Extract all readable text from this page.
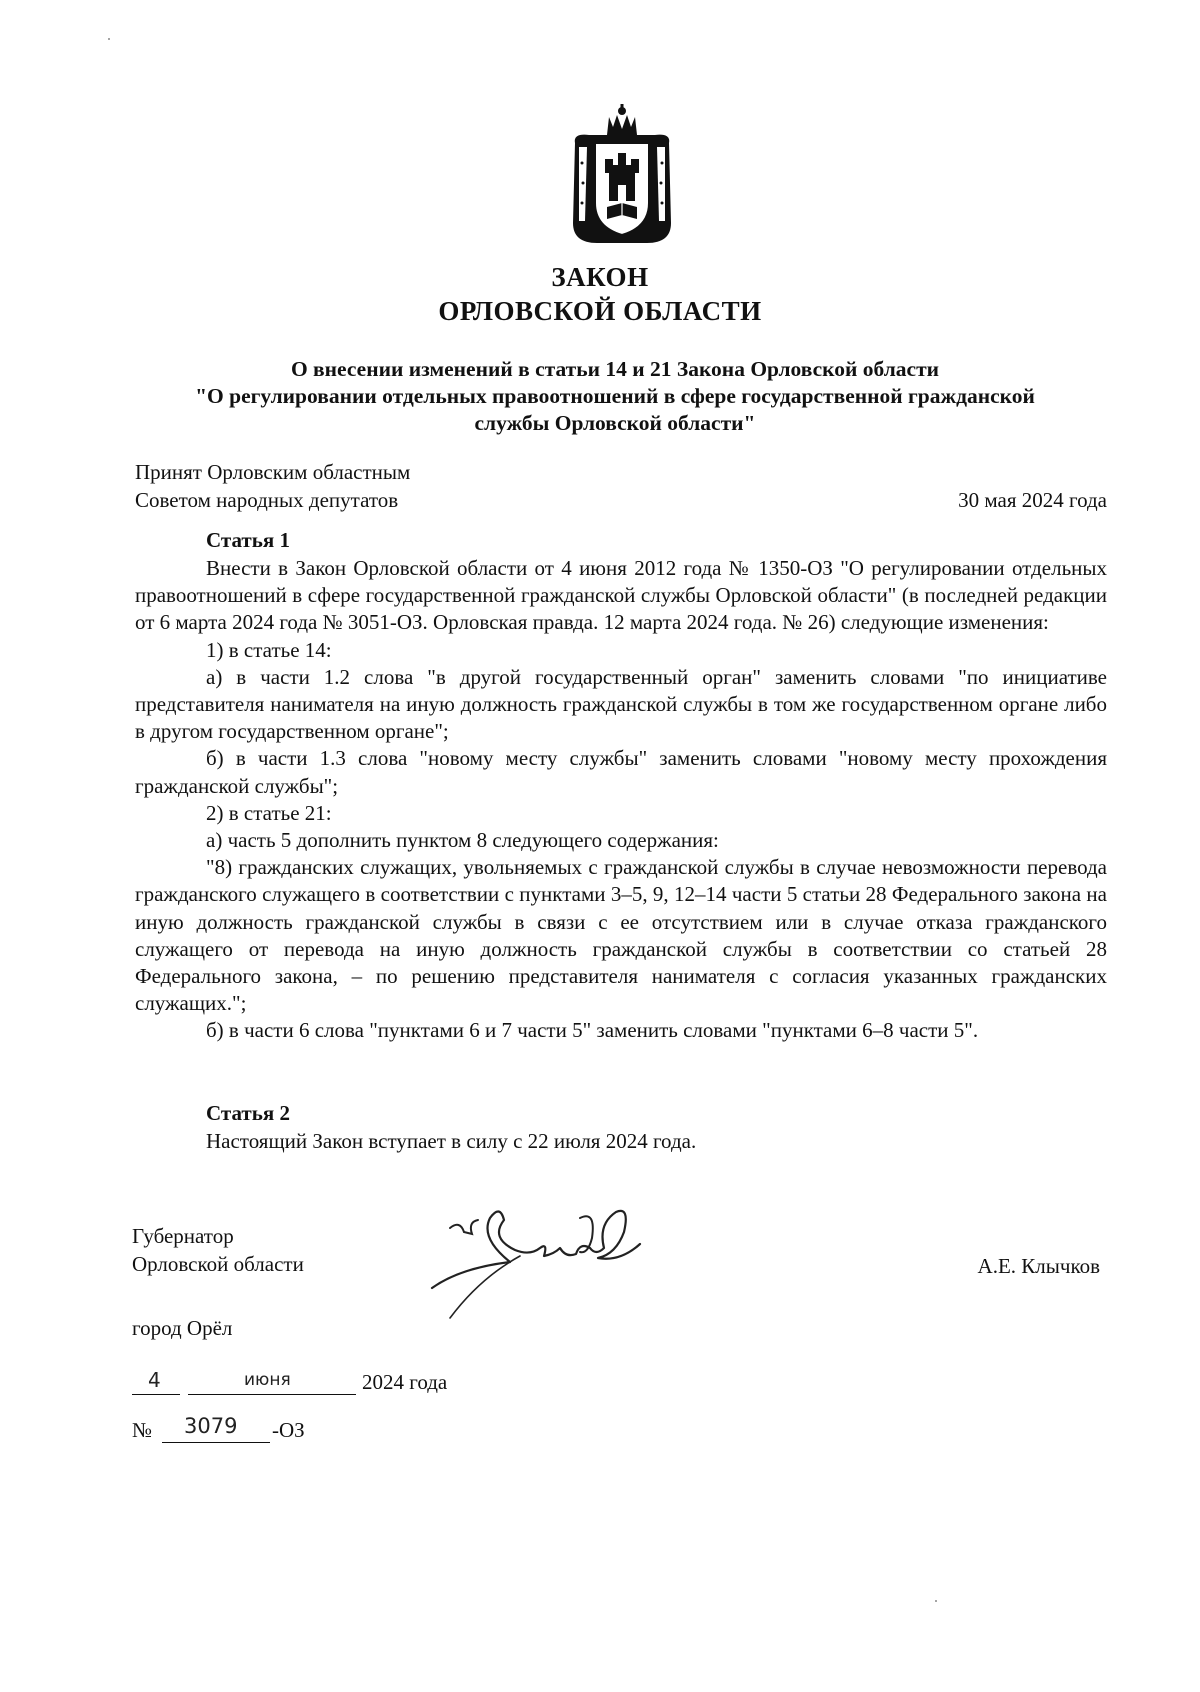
ЗАКОН
ОРЛОВСКОЙ ОБЛАСТИ
О внесении изменений в статьи 14 и 21 Закона Орловской области
"О регулировании отдельных правоотношений в сфере государственной гражданской
службы Орловской области"
Принят Орловским областным
Советом народных депутатов	30 мая 2024 года
Статья 1

Внести в Закон Орловской области от 4 июня 2012 года № 1350-ОЗ "О регулировании отдельных правоотношений в сфере государственной гражданской службы Орловской области" (в последней редакции от 6 марта 2024 года № 3051-ОЗ. Орловская правда. 12 марта 2024 года. № 26) следующие изменения:

1) в статье 14:

а) в части 1.2 слова "в другой государственный орган" заменить словами "по инициативе представителя нанимателя на иную должность гражданской службы в том же государственном органе либо в другом государственном органе";

б) в части 1.3 слова "новому месту службы" заменить словами "новому месту прохождения гражданской службы";

2) в статье 21:

а) часть 5 дополнить пунктом 8 следующего содержания:

"8) гражданских служащих, увольняемых с гражданской службы в случае невозможности перевода гражданского служащего в соответствии с пунктами 3–5, 9, 12–14 части 5 статьи 28 Федерального закона на иную должность гражданской службы в связи с ее отсутствием или в случае отказа гражданского служащего от перевода на иную должность гражданской службы в соответствии со статьей 28 Федерального закона, – по решению представителя нанимателя с согласия указанных гражданских служащих.";

б) в части 6 слова "пунктами 6 и 7 части 5" заменить словами "пунктами 6–8 части 5".

Статья 2

Настоящий Закон вступает в силу с 22 июля 2024 года.

Губернатор
Орловской области	А.Е. Клычков
город Орёл
4	июня	2024 года
№ 3079 -ОЗ
